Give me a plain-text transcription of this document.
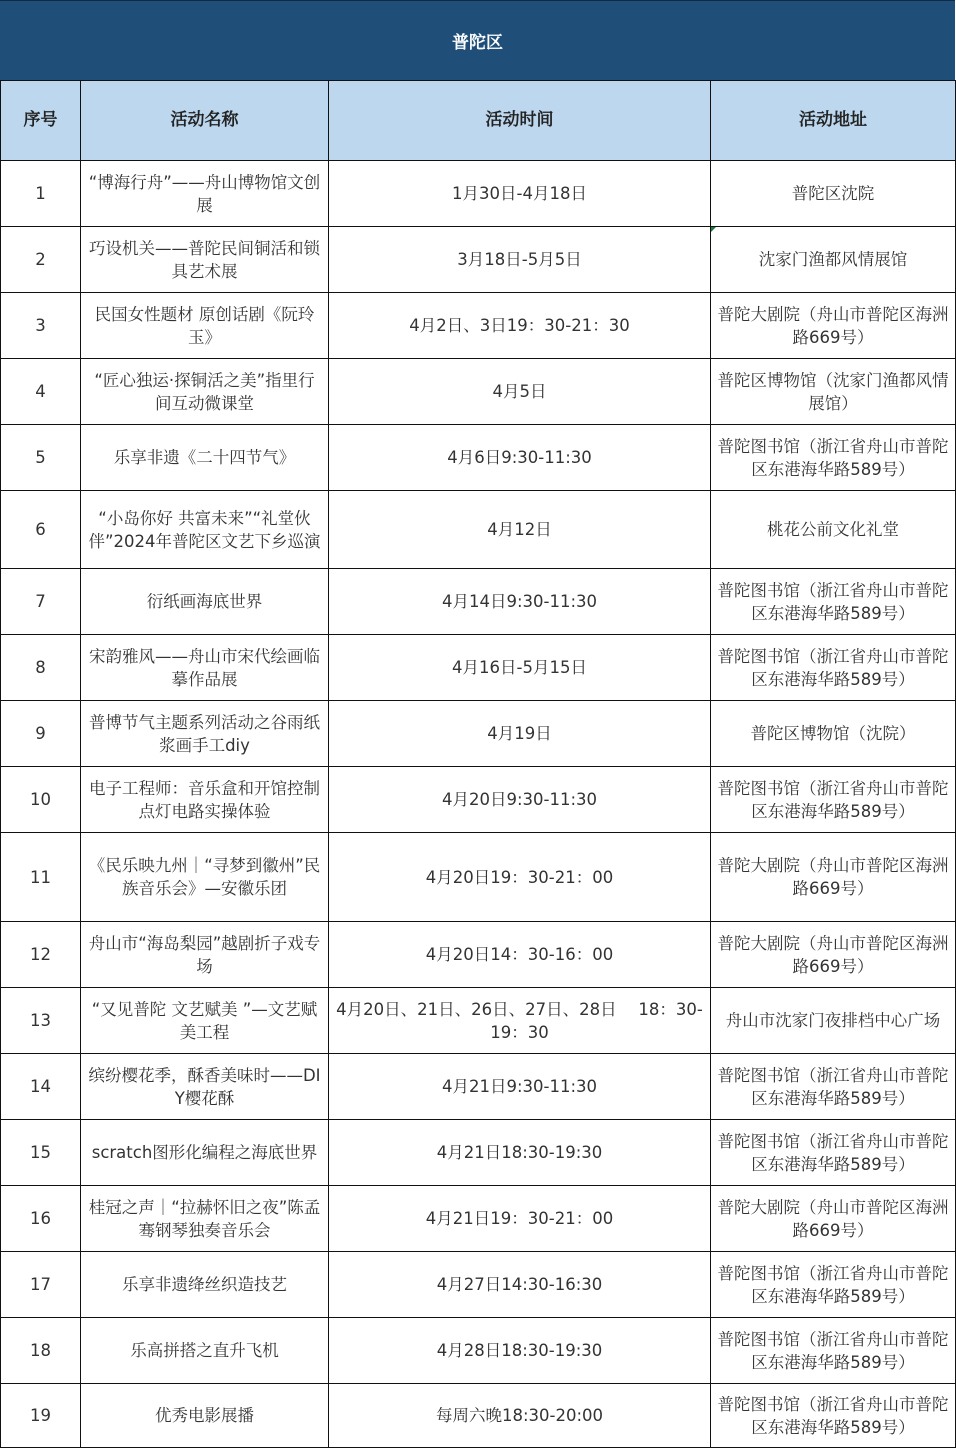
普陀区
序号	活动名称	活动时间	活动地址
1	“博海行舟”——舟山博物馆文创展	1月30日-4月18日	普陀区沈院
2	巧设机关——普陀民间铜活和锁具艺术展	3月18日-5月5日	沈家门渔都风情展馆

3	民国女性题材 原创话剧《阮玲玉》	4月2日、3日19：30-21：30	普陀大剧院（舟山市普陀区海洲路669号）
4	“匠心独运·探铜活之美”指里行间互动微课堂	4月5日	普陀区博物馆（沈家门渔都风情展馆）
5	乐享非遗《二十四节气》	4月6日9:30-11:30	普陀图书馆（浙江省舟山市普陀区东港海华路589号）
6	“小岛你好 共富未来”“礼堂伙伴”2024年普陀区文艺下乡巡演	4月12日	桃花公前文化礼堂
7	衍纸画海底世界	4月14日9:30-11:30	普陀图书馆（浙江省舟山市普陀区东港海华路589号）
8	宋韵雅风——舟山市宋代绘画临摹作品展	4月16日-5月15日	普陀图书馆（浙江省舟山市普陀区东港海华路589号）
9	普博节气主题系列活动之谷雨纸浆画手工diy	4月19日	普陀区博物馆（沈院）
10	电子工程师：音乐盒和开馆控制点灯电路实操体验	4月20日9:30-11:30	普陀图书馆（浙江省舟山市普陀区东港海华路589号）
11	《民乐映九州｜“寻梦到徽州”民族音乐会》—安徽乐团	4月20日19：30-21：00	普陀大剧院（舟山市普陀区海洲路669号）
12	舟山市“海岛梨园”越剧折子戏专场	4月20日14：30-16：00	普陀大剧院（舟山市普陀区海洲路669号）
13	“又见普陀 文艺赋美 ”—文艺赋美工程	4月20日、21日、26日、27日、28日　 18：30-19：30	舟山市沈家门夜排档中心广场
14	缤纷樱花季，酥香美味时——DIY樱花酥	4月21日9:30-11:30	普陀图书馆（浙江省舟山市普陀区东港海华路589号）
15	scratch图形化编程之海底世界	4月21日18:30-19:30	普陀图书馆（浙江省舟山市普陀区东港海华路589号）
16	桂冠之声｜“拉赫怀旧之夜”陈孟骞钢琴独奏音乐会	4月21日19：30-21：00	普陀大剧院（舟山市普陀区海洲路669号）
17	乐享非遗绛丝织造技艺	4月27日14:30-16:30	普陀图书馆（浙江省舟山市普陀区东港海华路589号）
18	乐高拼搭之直升飞机	4月28日18:30-19:30	普陀图书馆（浙江省舟山市普陀区东港海华路589号）
19	优秀电影展播	每周六晚18:30-20:00	普陀图书馆（浙江省舟山市普陀区东港海华路589号）
